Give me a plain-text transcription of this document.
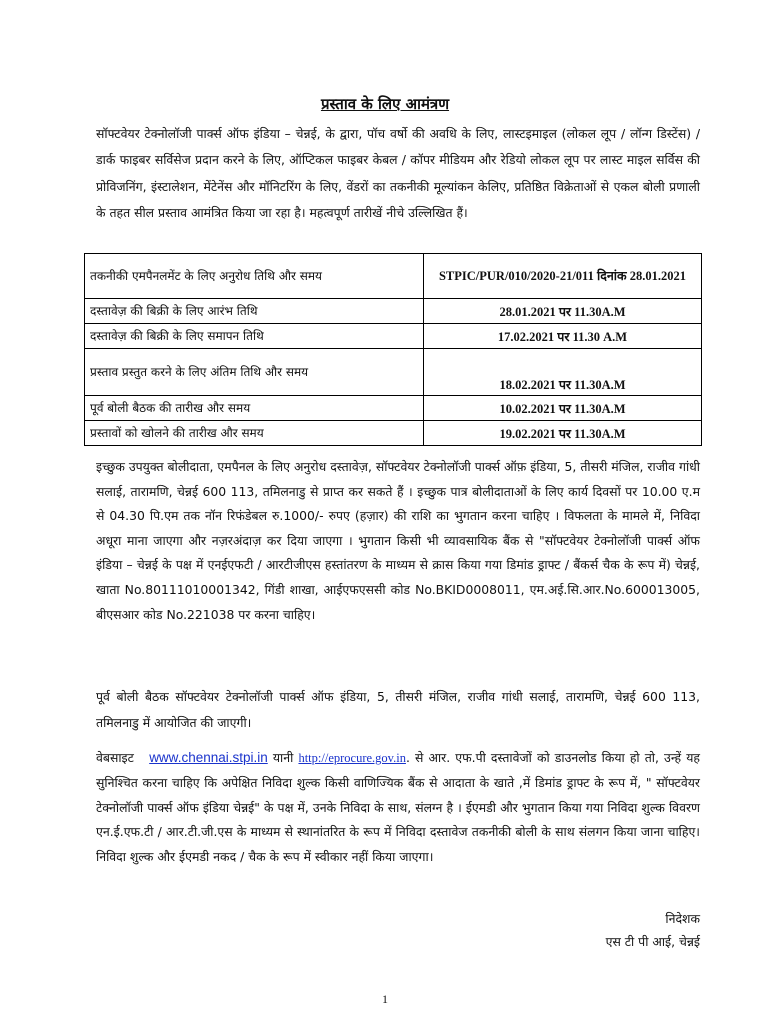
प्रस्ताव के लिए आमंत्रण
सॉफ्टवेयर टेक्नोलॉजी पार्क्स ऑफ इंडिया – चेन्नई, के द्वारा, पॉच वर्षो की अवधि के लिए, लास्टइमाइल (लोकल लूप / लॉन्ग डिस्टेंस) / डार्क फाइबर सर्विसेज प्रदान करने के लिए, ऑप्टिकल फाइबर केबल / कॉपर मीडियम और रेडियो लोकल लूप पर लास्ट माइल सर्विस की प्रोविजनिंग, इंस्टालेशन, मेंटेनेंस और मॉनिटरिंग के लिए, वेंडरों का तकनीकी मूल्यांकन केलिए, प्रतिष्ठित विक्रेताओं से एकल बोली प्रणाली के तहत सील प्रस्ताव आमंत्रित किया जा रहा है। महत्वपूर्ण तारीखें नीचे उल्लिखित हैं।
तकनीकी एमपैनलमेंट के लिए अनुरोध तिथि और समय	STPIC/PUR/010/2020-21/011 दिनांक 28.01.2021
दस्तावेज़ की बिक्री के लिए आरंभ तिथि	28.01.2021 पर 11.30A.M
दस्तावेज़ की बिक्री के लिए समापन तिथि	17.02.2021 पर 11.30 A.M
प्रस्ताव प्रस्तुत करने के लिए अंतिम तिथि और समय	18.02.2021 पर 11.30A.M
पूर्व बोली बैठक की तारीख और समय	10.02.2021 पर 11.30A.M
प्रस्तावों को खोलने की तारीख और समय	19.02.2021 पर 11.30A.M
इच्छुक उपयुक्त बोलीदाता, एमपैनल के लिए अनुरोध दस्तावेज़, सॉफ्टवेयर टेक्नोलॉजी पार्क्स ऑफ़ इंडिया, 5, तीसरी मंजिल, राजीव गांधी सलाई, तारामणि, चेन्नई 600 113, तमिलनाडु से प्राप्त कर सकते हैं । इच्छुक पात्र बोलीदाताओं के लिए कार्य दिवसों पर 10.00 ए.म से 04.30 पि.एम तक नॉन रिफंडेबल रु.1000/- रुपए (हज़ार) की राशि का भुगतान करना चाहिए । विफलता के मामले में, निविदा अधूरा माना जाएगा और नज़रअंदाज़ कर दिया जाएगा । भुगतान किसी भी व्यावसायिक बैंक से "सॉफ्टवेयर टेक्नोलॉजी पार्क्स ऑफ इंडिया – चेन्नई के पक्ष में एनईएफटी / आरटीजीएस हस्तांतरण के माध्यम से क्रास किया गया डिमांड ड्राफ्ट / बैंकर्स चैक के रूप में) चेन्नई, खाता No.80111010001342, गिंडी शाखा, आईएफएससी कोड No.BKID0008011, एम.अई.सि.आर.No.600013005, बीएसआर कोड No.221038 पर करना चाहिए।
पूर्व बोली बैठक सॉफ्टवेयर टेक्नोलॉजी पार्क्स ऑफ इंडिया, 5, तीसरी मंजिल, राजीव गांधी सलाई, तारामणि, चेन्नई 600 113, तमिलनाडु में आयोजित की जाएगी।
वेबसाइट www.chennai.stpi.in यानी http://eprocure.gov.in. से आर. एफ.पी दस्तावेजों को डाउनलोड किया हो तो, उन्हें यह सुनिश्चित करना चाहिए कि अपेक्षित निविदा शुल्क किसी वाणिज्यिक बैंक से आदाता के खाते ,में डिमांड ड्राफ्ट के रूप में, " सॉफ्टवेयर टेक्नोलॉजी पार्क्स ऑफ इंडिया चेन्नई" के पक्ष में, उनके निविदा के साथ, संलग्न है । ईएमडी और भुगतान किया गया निविदा शुल्क विवरण एन.ई.एफ.टी / आर.टी.जी.एस के माध्यम से स्थानांतरित के रूप में निविदा दस्तावेज तकनीकी बोली के साथ संलगन किया जाना चाहिए। निविदा शुल्क और ईएमडी नकद / चैक के रूप में स्वीकार नहीं किया जाएगा।
निदेशक
एस टी पी आई, चेन्नई
1
